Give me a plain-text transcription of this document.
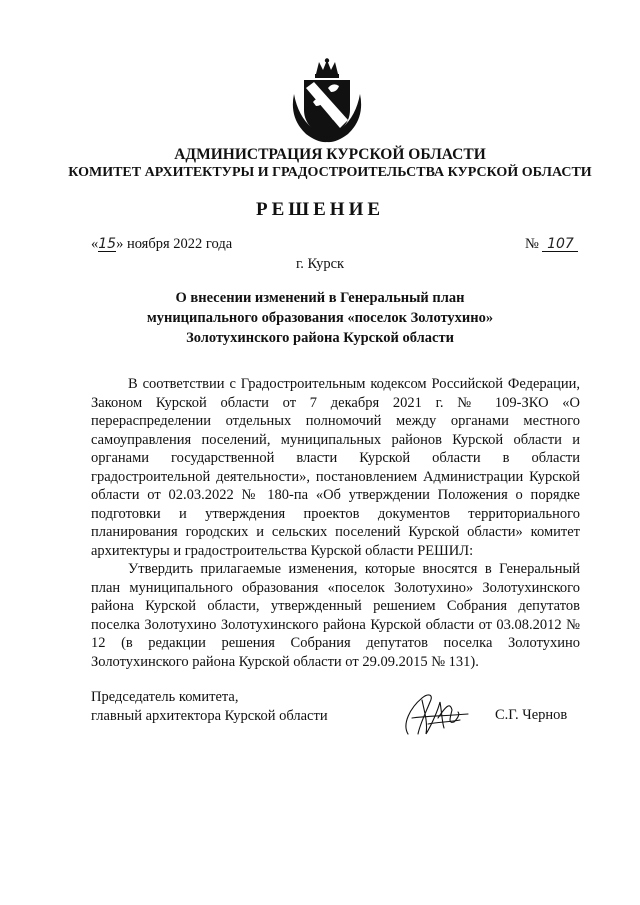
АДМИНИСТРАЦИЯ КУРСКОЙ ОБЛАСТИ
КОМИТЕТ АРХИТЕКТУРЫ И ГРАДОСТРОИТЕЛЬСТВА КУРСКОЙ ОБЛАСТИ
РЕШЕНИЕ
«15» ноября 2022 года	№ 107
г. Курск
О внесении изменений в Генеральный план
муниципального образования «поселок Золотухино»
Золотухинского района Курской области

В соответствии с Градостроительным кодексом Российской Федерации, Законом Курской области от 7 декабря 2021 г. № 109-ЗКО «О перераспределении отдельных полномочий между органами местного самоуправления поселений, муниципальных районов Курской области и органами государственной власти Курской области в области градостроительной деятельности», постановлением Администрации Курской области от 02.03.2022 № 180-па «Об утверждении Положения о порядке подготовки и утверждения проектов документов территориального планирования городских и сельских поселений Курской области» комитет архитектуры и градостроительства Курской области РЕШИЛ:

Утвердить прилагаемые изменения, которые вносятся в Генеральный план муниципального образования «поселок Золотухино» Золотухинского района Курской области, утвержденный решением Собрания депутатов поселка Золотухино Золотухинского района Курской области от 03.08.2012 № 12 (в редакции решения Собрания депутатов поселка Золотухино Золотухинского района Курской области от 29.09.2015 № 131).

Председатель комитета,
главный архитектора Курской области	С.Г. Чернов
